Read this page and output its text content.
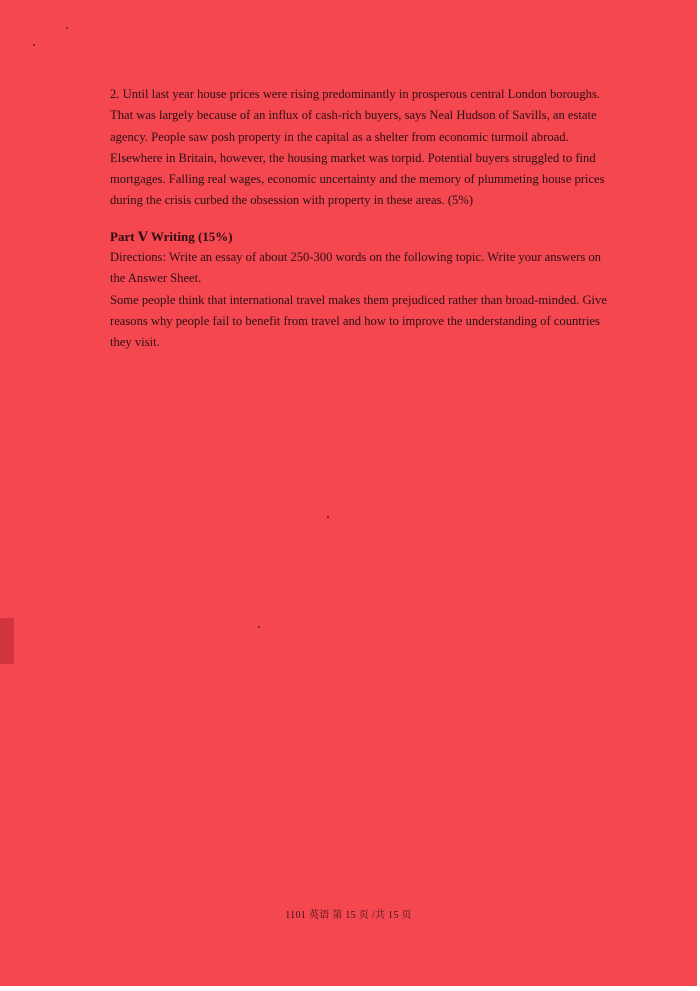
2. Until last year house prices were rising predominantly in prosperous central London boroughs. That was largely because of an influx of cash-rich buyers, says Neal Hudson of Savills, an estate agency. People saw posh property in the capital as a shelter from economic turmoil abroad. Elsewhere in Britain, however, the housing market was torpid. Potential buyers struggled to find mortgages. Falling real wages, economic uncertainty and the memory of plummeting house prices during the crisis curbed the obsession with property in these areas. (5%)

Part Ⅴ Writing (15%)

Directions: Write an essay of about 250-300 words on the following topic. Write your answers on the Answer Sheet.

Some people think that international travel makes them prejudiced rather than broad-minded. Give reasons why people fail to benefit from travel and how to improve the understanding of countries they visit.

1101 英语 第 15 页 /共 15 页
